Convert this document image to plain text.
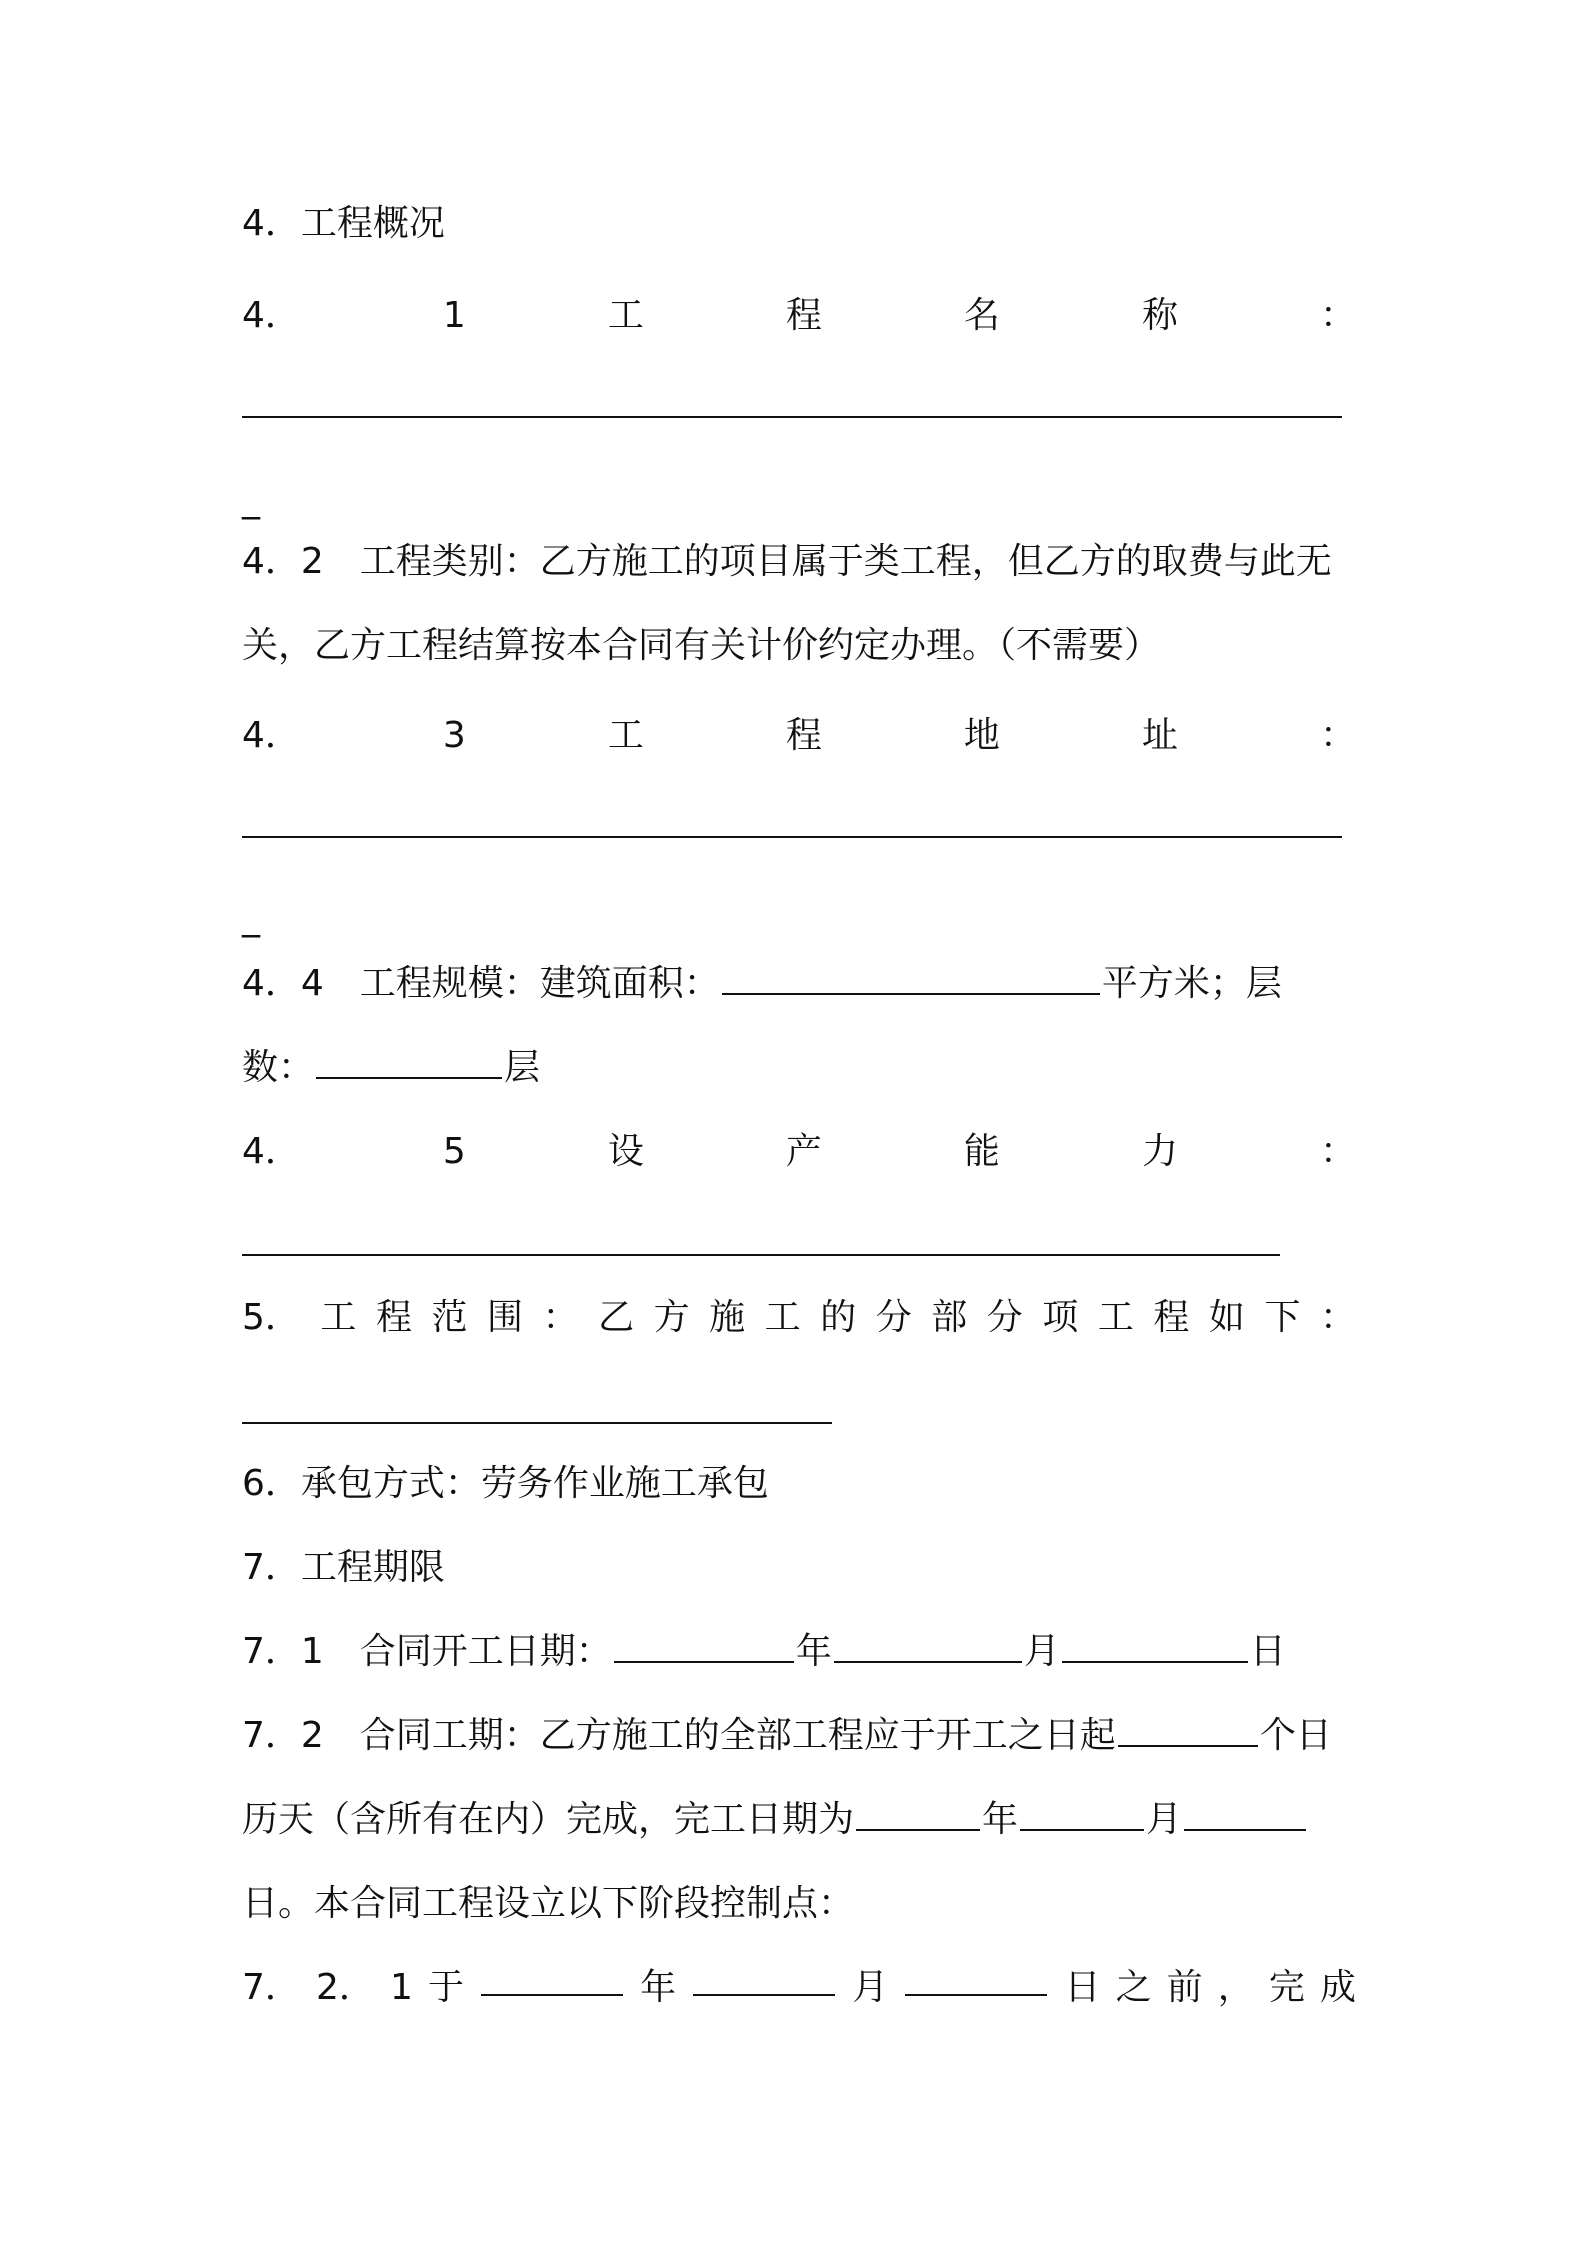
4．工程概况
4．	1	工	程	名	称	：
_
4．2　工程类别：乙方施工的项目属于类工程，但乙方的取费与此无
关，乙方工程结算按本合同有关计价约定办理。（不需要）
4．	3	工	程	地	址	：
_
4．4　工程规模：建筑面积：	平方米；层
数：	层
4．	5	设	产	能	力	：
5． 工 程 范 围 ： 乙 方 施 工 的 分 部 分 项 工 程 如 下 ：
6．承包方式：劳务作业施工承包
7．工程期限
7．1　合同开工日期：	年	月	日
7．2　合同工期：乙方施工的全部工程应于开工之日起	个日
历天（含所有在内）完成，完工日期为	年	月
日。本合同工程设立以下阶段控制点：
7． 2． 1 于	年	月	日 之 前 ， 完 成
